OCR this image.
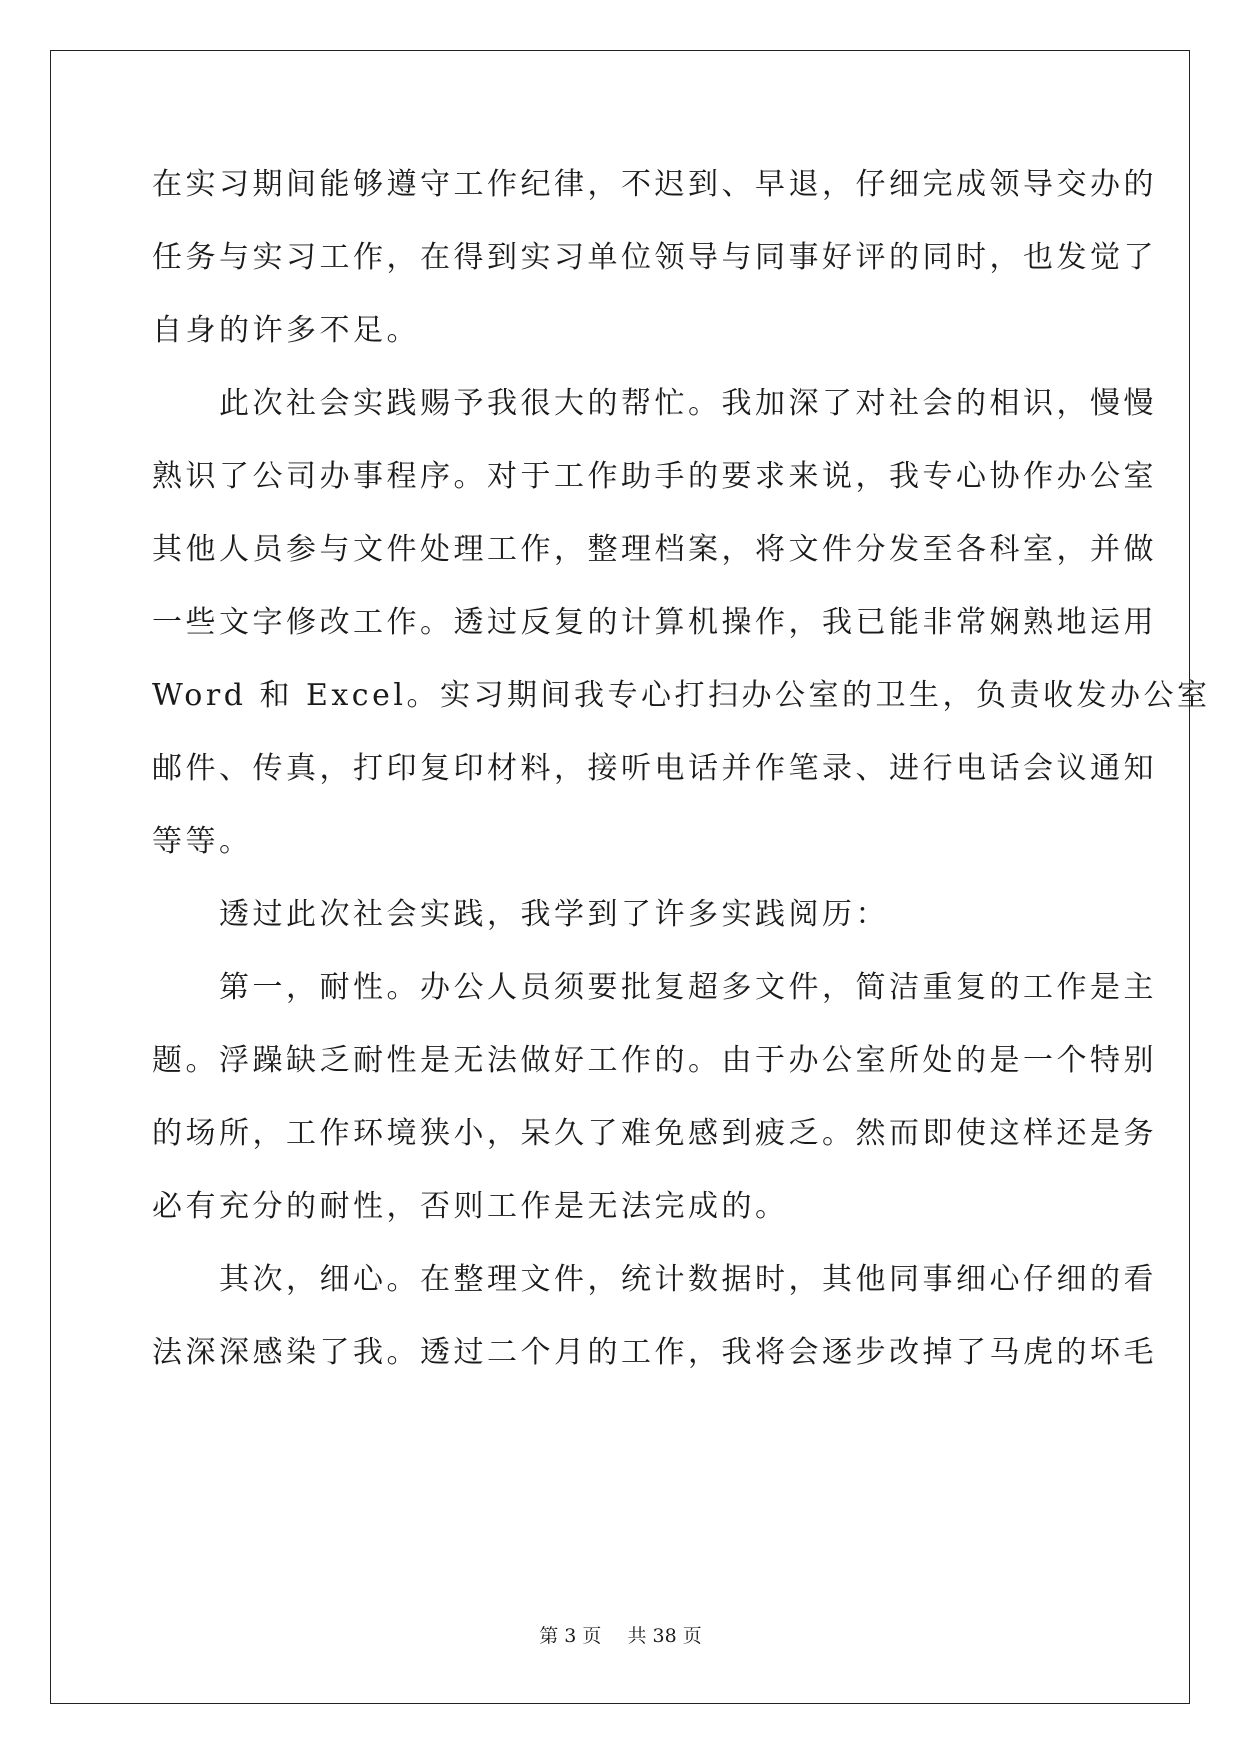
在实习期间能够遵守工作纪律，不迟到、早退，仔细完成领导交办的
任务与实习工作，在得到实习单位领导与同事好评的同时，也发觉了
自身的许多不足。
　　此次社会实践赐予我很大的帮忙。我加深了对社会的相识，慢慢
熟识了公司办事程序。对于工作助手的要求来说，我专心协作办公室
其他人员参与文件处理工作，整理档案，将文件分发至各科室，并做
一些文字修改工作。透过反复的计算机操作，我已能非常娴熟地运用
Word 和 Excel。实习期间我专心打扫办公室的卫生，负责收发办公室
邮件、传真，打印复印材料，接听电话并作笔录、进行电话会议通知
等等。
　　透过此次社会实践，我学到了许多实践阅历：
　　第一，耐性。办公人员须要批复超多文件，简洁重复的工作是主
题。浮躁缺乏耐性是无法做好工作的。由于办公室所处的是一个特别
的场所，工作环境狭小，呆久了难免感到疲乏。然而即使这样还是务
必有充分的耐性，否则工作是无法完成的。
　　其次，细心。在整理文件，统计数据时，其他同事细心仔细的看
法深深感染了我。透过二个月的工作，我将会逐步改掉了马虎的坏毛
第 3 页 共 38 页
